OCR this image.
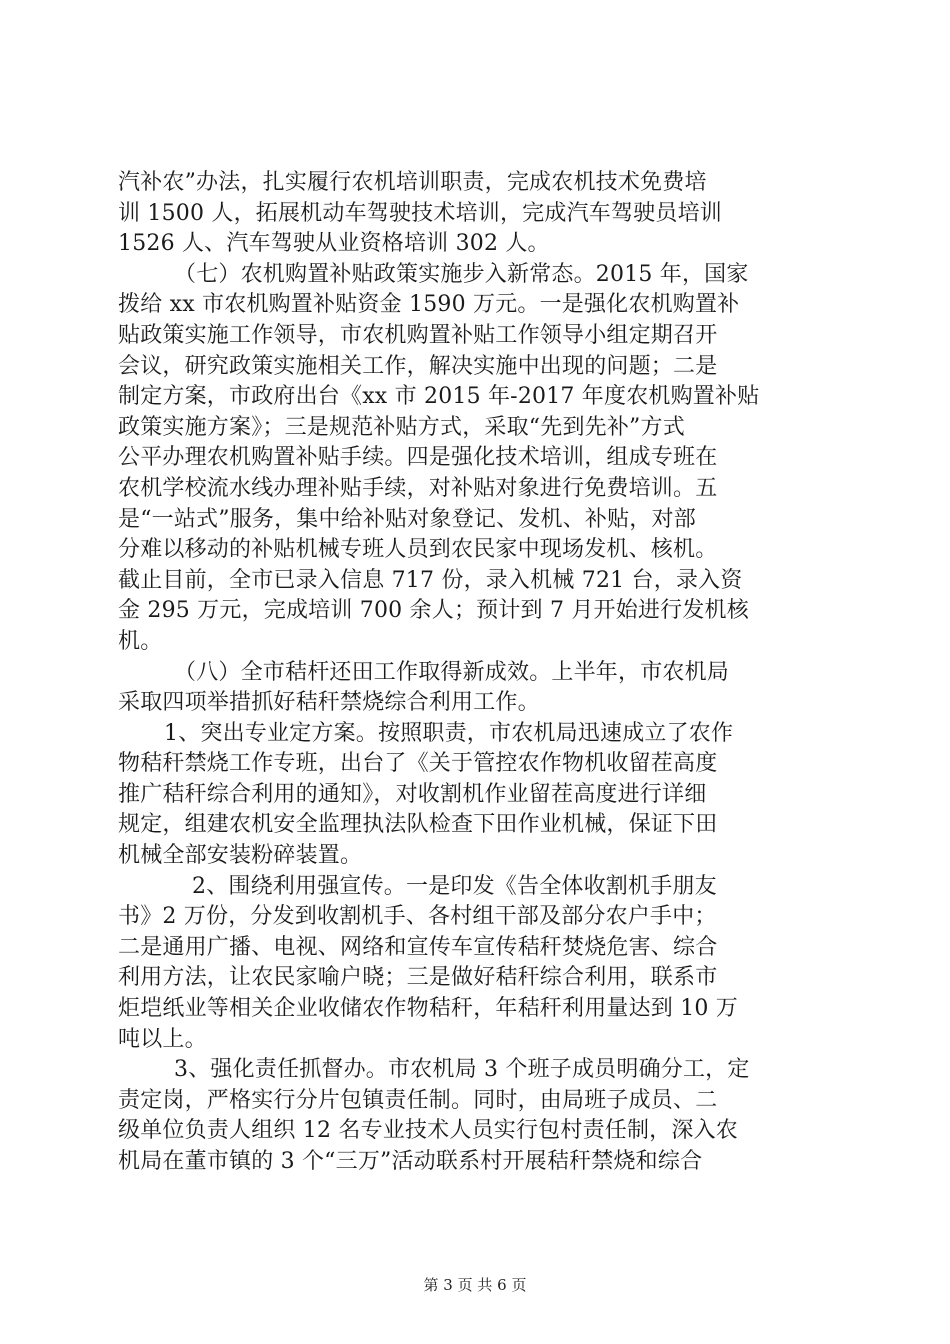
汽补农”办法，扎实履行农机培训职责，完成农机技术免费培
训 1500 人，拓展机动车驾驶技术培训，完成汽车驾驶员培训
1526 人、汽车驾驶从业资格培训 302 人。
（七）农机购置补贴政策实施步入新常态。2015 年，国家
拨给 xx 市农机购置补贴资金 1590 万元。一是强化农机购置补
贴政策实施工作领导，市农机购置补贴工作领导小组定期召开
会议，研究政策实施相关工作，解决实施中出现的问题；二是
制定方案，市政府出台《xx 市 2015 年-2017 年度农机购置补贴
政策实施方案》；三是规范补贴方式，采取“先到先补”方式
公平办理农机购置补贴手续。四是强化技术培训，组成专班在
农机学校流水线办理补贴手续，对补贴对象进行免费培训。五
是“一站式”服务，集中给补贴对象登记、发机、补贴，对部
分难以移动的补贴机械专班人员到农民家中现场发机、核机。
截止目前，全市已录入信息 717 份，录入机械 721 台，录入资
金 295 万元，完成培训 700 余人；预计到 7 月开始进行发机核
机。
（八）全市秸杆还田工作取得新成效。上半年，市农机局
采取四项举措抓好秸秆禁烧综合利用工作。
1、突出专业定方案。按照职责，市农机局迅速成立了农作
物秸秆禁烧工作专班，出台了《关于管控农作物机收留茬高度
推广秸秆综合利用的通知》，对收割机作业留茬高度进行详细
规定，组建农机安全监理执法队检查下田作业机械，保证下田
机械全部安装粉碎装置。
2、围绕利用强宣传。一是印发《告全体收割机手朋友
书》2 万份，分发到收割机手、各村组干部及部分农户手中；
二是通用广播、电视、网络和宣传车宣传秸秆焚烧危害、综合
利用方法，让农民家喻户晓；三是做好秸秆综合利用，联系市
炬垲纸业等相关企业收储农作物秸秆，年秸秆利用量达到 10 万
吨以上。
3、强化责任抓督办。市农机局 3 个班子成员明确分工，定
责定岗，严格实行分片包镇责任制。同时，由局班子成员、二
级单位负责人组织 12 名专业技术人员实行包村责任制，深入农
机局在董市镇的 3 个“三万”活动联系村开展秸秆禁烧和综合
第 3 页 共 6 页
